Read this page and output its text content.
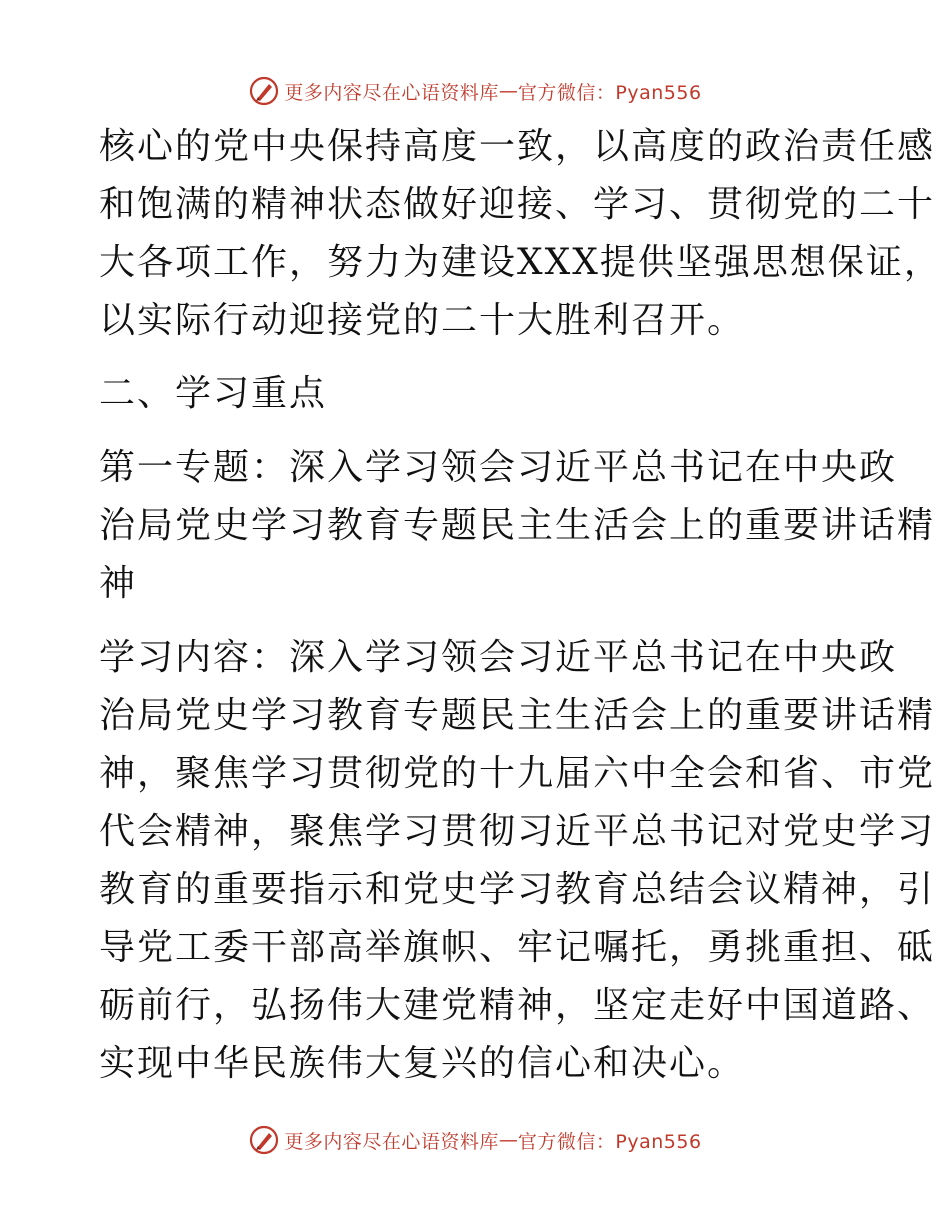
更多内容尽在心语资料库 — 官方微信：Pyan556
核心的党中央保持高度一致，以高度的政治责任感
和饱满的精神状态做好迎接、学习、贯彻党的二十
大各项工作，努力为建设XXX提供坚强思想保证，
以实际行动迎接党的二十大胜利召开。
二、学习重点
第一专题：深入学习领会习近平总书记在中央政
治局党史学习教育专题民主生活会上的重要讲话精
神
学习内容：深入学习领会习近平总书记在中央政
治局党史学习教育专题民主生活会上的重要讲话精
神，聚焦学习贯彻党的十九届六中全会和省、市党
代会精神，聚焦学习贯彻习近平总书记对党史学习
教育的重要指示和党史学习教育总结会议精神，引
导党工委干部高举旗帜、牢记嘱托，勇挑重担、砥
砺前行，弘扬伟大建党精神，坚定走好中国道路、
实现中华民族伟大复兴的信心和决心。
更多内容尽在心语资料库 — 官方微信：Pyan556
